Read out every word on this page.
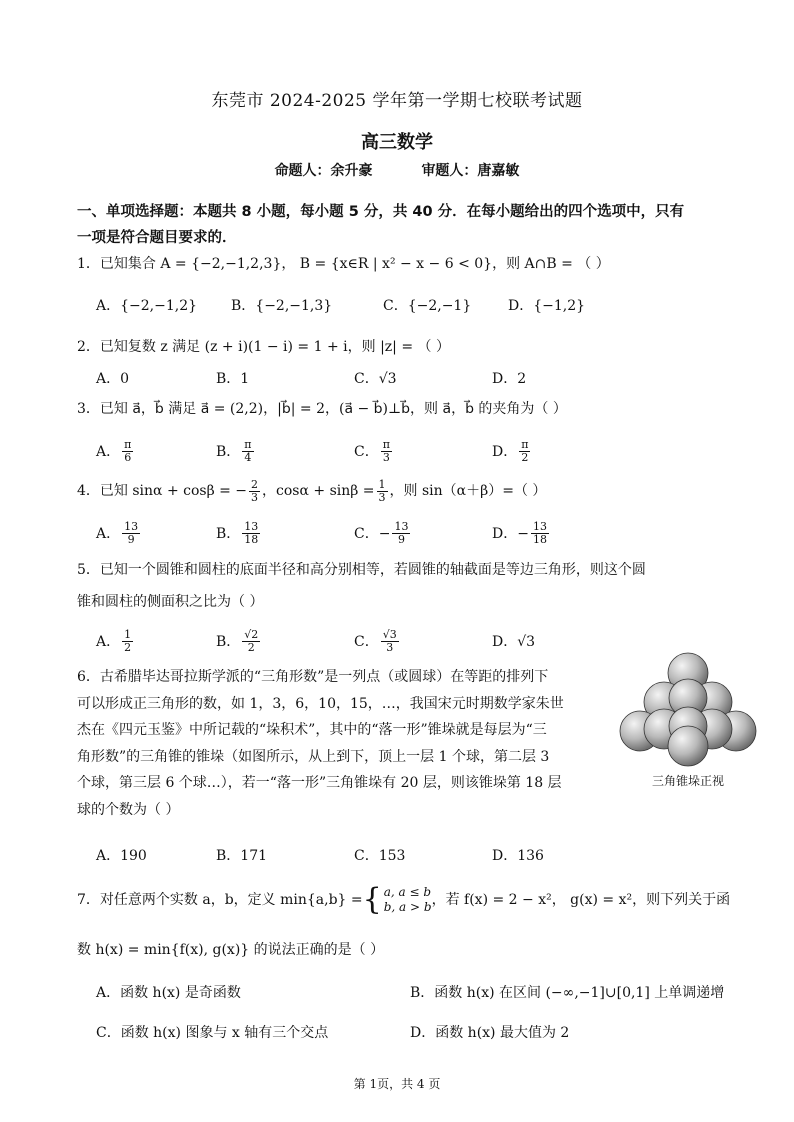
东莞市 2024-2025 学年第一学期七校联考试题
高三数学
命题人：余升豪	审题人：唐嘉敏
一、单项选择题：本题共 8 小题，每小题 5 分，共 40 分．在每小题给出的四个选项中，只有
一项是符合题目要求的．
1．已知集合 A = {−2,−1,2,3}， B = {x∈R | x² − x − 6 < 0}，则 A∩B = （ ）
A．{−2,−1,2} B．{−2,−1,3}	C．{−2,−1}	D．{−1,2}
2．已知复数 z 满足 (z + i)(1 − i) = 1 + i，则 |z| = （ ）
A．0	B．1	C．√3	D．2
3．已知 a⃗，b⃗ 满足 a⃗ = (2,2)，|b⃗| = 2，(a⃗ − b⃗)⊥b⃗，则 a⃗，b⃗ 的夹角为（ ）
A． $\frac{\pi}{6}$	B． $\frac{\pi}{4}$	C． $\frac{\pi}{3}$	D． $\frac{\pi}{2}$
4．已知 sinα + cosβ = − $\frac{2}{3}$ ，$\cos\alpha + \sin\beta = \frac{1}{3}$ ，则 sin（α＋β）=（ ）
A． $\frac{13}{9}$	B． $\frac{13}{18}$	C．− $\frac{13}{9}$	D．− $\frac{13}{18}$
5．已知一个圆锥和圆柱的底面半径和高分别相等，若圆锥的轴截面是等边三角形，则这个圆
锥和圆柱的侧面积之比为（ ）
A． $\frac{1}{2}$	B． $\frac{√2}{2}$	C． $\frac{√3}{3}$	D．√3
6．古希腊毕达哥拉斯学派的“三角形数”是一列点（或圆球）在等距的排列下
可以形成正三角形的数，如 1，3，6，10，15，…，我国宋元时期数学家朱世
杰在《四元玉鉴》中所记载的“垛积术”，其中的“落一形”锥垛就是每层为“三
角形数”的三角锥的锥垛（如图所示，从上到下，顶上一层 1 个球，第二层 3
个球，第三层 6 个球…），若一“落一形”三角锥垛有 20 层，则该锥垛第 18 层
球的个数为（ ）
三角锥垛正视
A．190	B．171	C．153	D．136
7．对任意两个实数 a，b，定义 min{a,b} = { a, a ≤ b
b, a > b ，若 f(x) = 2 − x²， g(x) = x²，则下列关于函
数 h(x) = min{f(x), g(x)} 的说法正确的是（ ）
A．函数 h(x) 是奇函数	B．函数 h(x) 在区间 (−∞,−1]∪[0,1] 上单调递增
C．函数 h(x) 图象与 x 轴有三个交点	D．函数 h(x) 最大值为 2
第 1页，共 4 页
